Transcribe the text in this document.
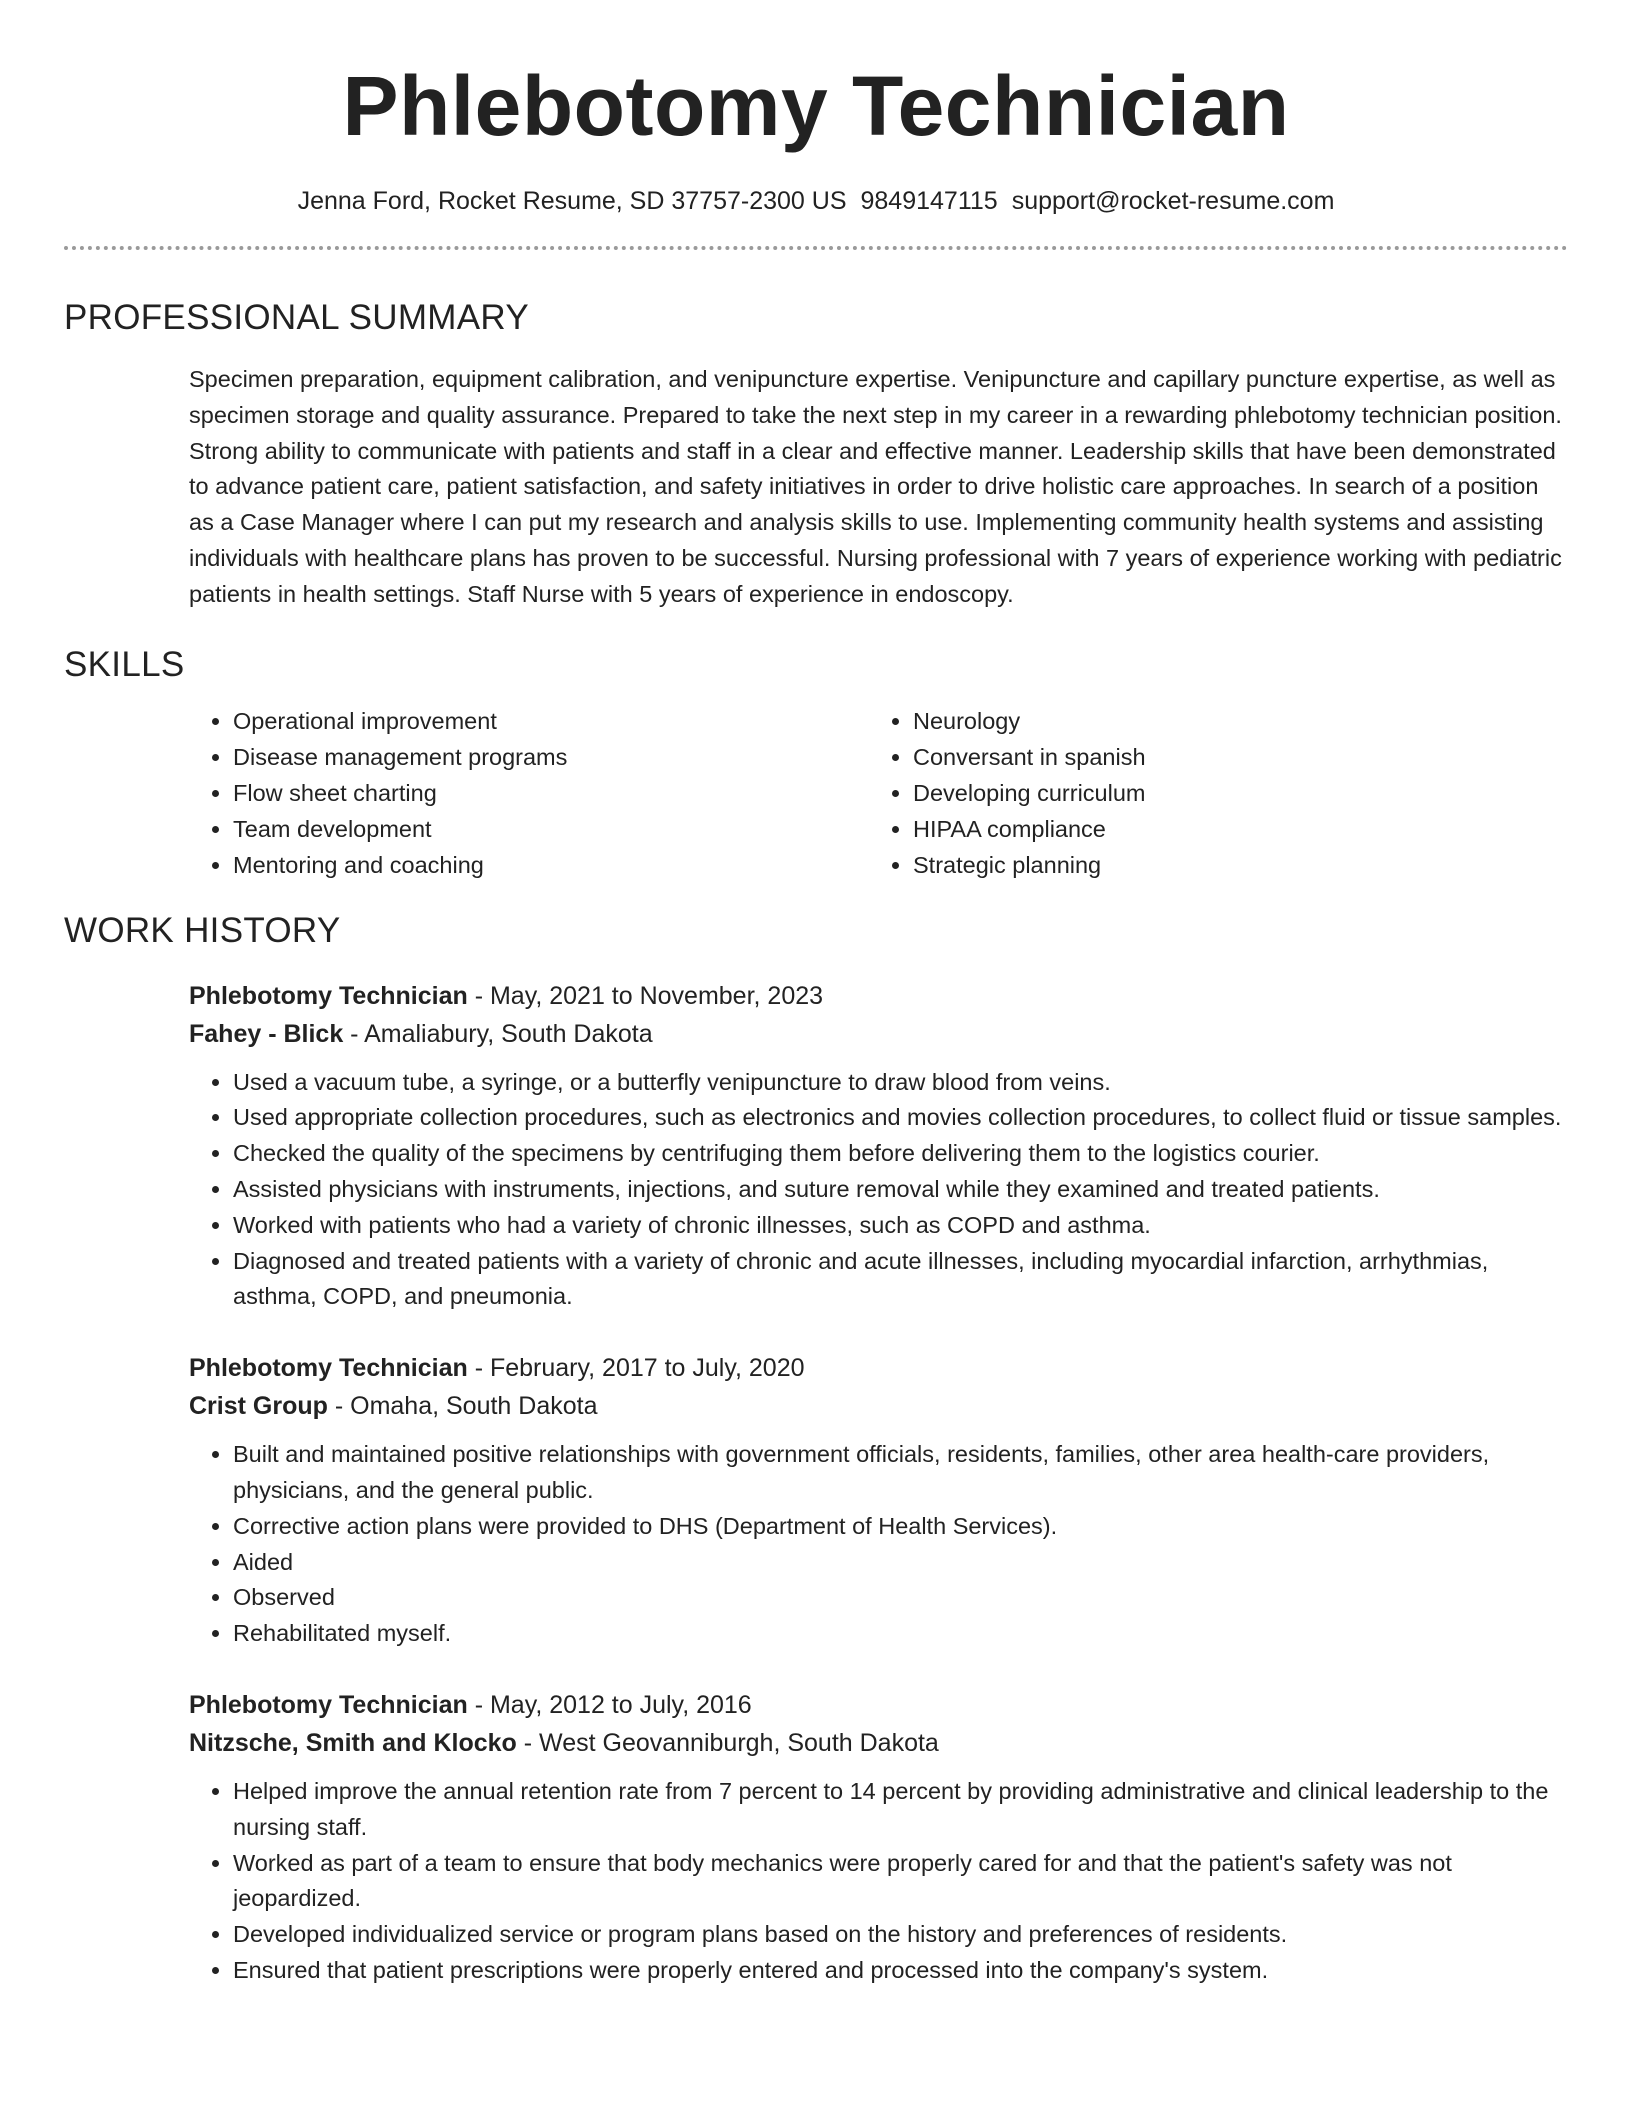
Phlebotomy Technician
Jenna Ford, Rocket Resume, SD 37757-2300 US 9849147115 support@rocket-resume.com
PROFESSIONAL SUMMARY
Specimen preparation, equipment calibration, and venipuncture expertise. Venipuncture and capillary puncture expertise, as well as specimen storage and quality assurance. Prepared to take the next step in my career in a rewarding phlebotomy technician position. Strong ability to communicate with patients and staff in a clear and effective manner. Leadership skills that have been demonstrated to advance patient care, patient satisfaction, and safety initiatives in order to drive holistic care approaches. In search of a position as a Case Manager where I can put my research and analysis skills to use. Implementing community health systems and assisting individuals with healthcare plans has proven to be successful. Nursing professional with 7 years of experience working with pediatric patients in health settings. Staff Nurse with 5 years of experience in endoscopy.
SKILLS
• Operational improvement
• Disease management programs
• Flow sheet charting
• Team development
• Mentoring and coaching
• Neurology
• Conversant in spanish
• Developing curriculum
• HIPAA compliance
• Strategic planning
WORK HISTORY
Phlebotomy Technician - May, 2021 to November, 2023
Fahey - Blick - Amaliabury, South Dakota
• Used a vacuum tube, a syringe, or a butterfly venipuncture to draw blood from veins.
• Used appropriate collection procedures, such as electronics and movies collection procedures, to collect fluid or tissue samples.
• Checked the quality of the specimens by centrifuging them before delivering them to the logistics courier.
• Assisted physicians with instruments, injections, and suture removal while they examined and treated patients.
• Worked with patients who had a variety of chronic illnesses, such as COPD and asthma.
• Diagnosed and treated patients with a variety of chronic and acute illnesses, including myocardial infarction, arrhythmias, asthma, COPD, and pneumonia.
Phlebotomy Technician - February, 2017 to July, 2020
Crist Group - Omaha, South Dakota
• Built and maintained positive relationships with government officials, residents, families, other area health-care providers, physicians, and the general public.
• Corrective action plans were provided to DHS (Department of Health Services).
• Aided
• Observed
• Rehabilitated myself.
Phlebotomy Technician - May, 2012 to July, 2016
Nitzsche, Smith and Klocko - West Geovanniburgh, South Dakota
• Helped improve the annual retention rate from 7 percent to 14 percent by providing administrative and clinical leadership to the nursing staff.
• Worked as part of a team to ensure that body mechanics were properly cared for and that the patient's safety was not jeopardized.
• Developed individualized service or program plans based on the history and preferences of residents.
• Ensured that patient prescriptions were properly entered and processed into the company's system.
